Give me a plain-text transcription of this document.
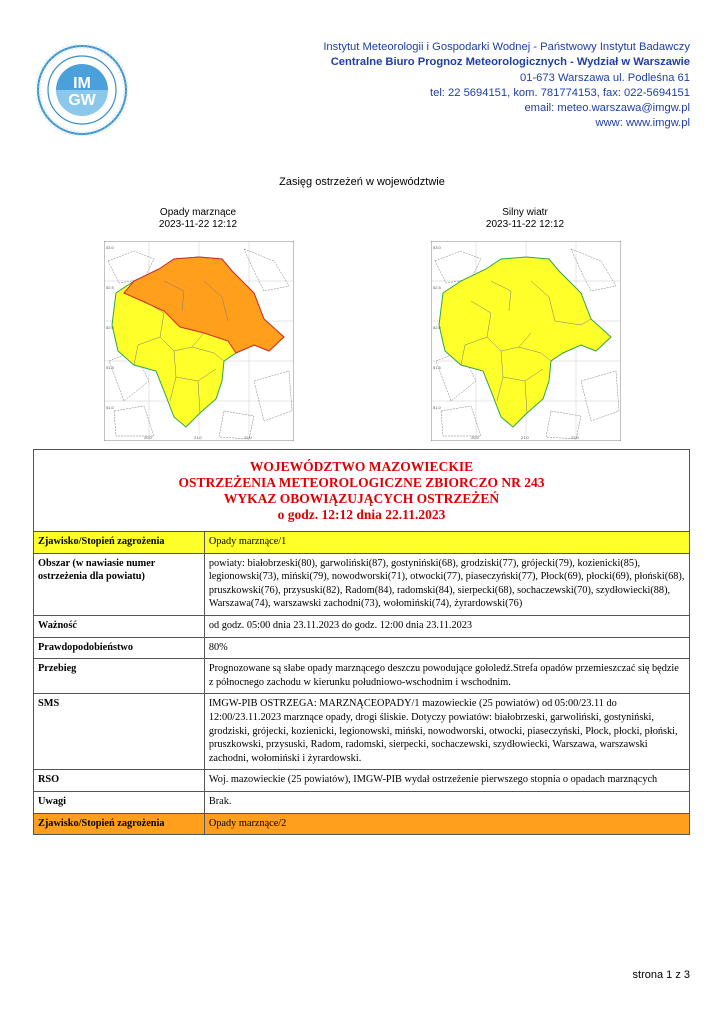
IM
GW
Instytut Meteorologii i Gospodarki Wodnej - Państwowy Instytut Badawczy
Centralne Biuro Prognoz Meteorologicznych - Wydział w Warszawie
01-673 Warszawa ul. Podleśna 61
tel: 22 5694151, kom. 781774153, fax: 022-5694151
email: meteo.warszawa@imgw.pl
www: www.imgw.pl
Zasięg ostrzeżeń w województwie
Opady marznące
2023-11-22 12:12
Silny wiatr
2023-11-22 12:12
53.0
52.5
52.0
51.5
51.0
20.0	21.0	22.0
53.0
52.5
52.0
51.5
51.0
20.0	21.0	22.0
WOJEWÓDZTWO MAZOWIECKIE
OSTRZEŻENIA METEOROLOGICZNE ZBIORCZO NR 243
WYKAZ OBOWIĄZUJĄCYCH OSTRZEŻEŃ
o godz. 12:12 dnia 22.11.2023	

Zjawisko/Stopień zagrożenia	Opady marznące/1
Obszar (w nawiasie numer ostrzeżenia dla powiatu)	powiaty: białobrzeski(80), garwoliński(87), gostyniński(68), grodziski(77), grójecki(79), kozienicki(85), legionowski(73), miński(79), nowodworski(71), otwocki(77), piaseczyński(77), Płock(69), płocki(69), płoński(68), pruszkowski(76), przysuski(82), Radom(84), radomski(84), sierpecki(68), sochaczewski(70), szydłowiecki(88), Warszawa(74), warszawski zachodni(73), wołomiński(74), żyrardowski(76)
Ważność	od godz. 05:00 dnia 23.11.2023 do godz. 12:00 dnia 23.11.2023
Prawdopodobieństwo	80%
Przebieg	Prognozowane są słabe opady marznącego deszczu powodujące gołoledź.Strefa opadów przemieszczać się będzie z północnego zachodu w kierunku południowo-wschodnim i wschodnim.
SMS	IMGW-PIB OSTRZEGA: MARZNĄCEOPADY/1 mazowieckie (25 powiatów) od 05:00/23.11 do 12:00/23.11.2023 marznące opady, drogi śliskie. Dotyczy powiatów: białobrzeski, garwoliński, gostyniński, grodziski, grójecki, kozienicki, legionowski, miński, nowodworski, otwocki, piaseczyński, Płock, płocki, płoński, pruszkowski, przysuski, Radom, radomski, sierpecki, sochaczewski, szydłowiecki, Warszawa, warszawski zachodni, wołomiński i żyrardowski.
RSO	Woj. mazowieckie (25 powiatów), IMGW-PIB wydał ostrzeżenie pierwszego stopnia o opadach marznących
Uwagi	Brak.
Zjawisko/Stopień zagrożenia	Opady marznące/2
strona 1 z 3
